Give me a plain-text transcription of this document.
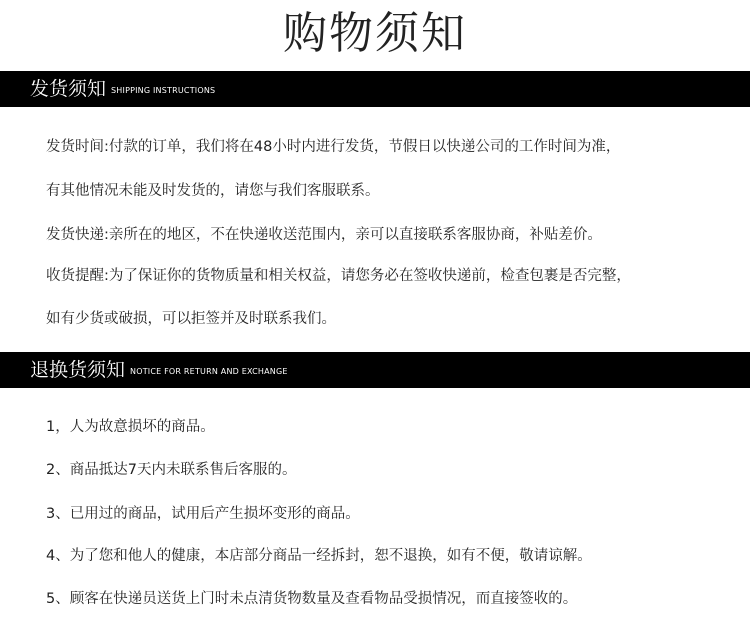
购物须知
发货须知 SHIPPING INSTRUCTIONS
发货时间:付款的订单，我们将在48小时内进行发货，节假日以快递公司的工作时间为准，
有其他情况未能及时发货的，请您与我们客服联系。
发货快递:亲所在的地区，不在快递收送范围内，亲可以直接联系客服协商，补贴差价。
收货提醒:为了保证你的货物质量和相关权益，请您务必在签收快递前，检查包裹是否完整，
如有少货或破损，可以拒签并及时联系我们。
退换货须知 NOTICE FOR RETURN AND EXCHANGE
1，人为故意损坏的商品。
2、商品抵达7天内未联系售后客服的。
3、已用过的商品，试用后产生损坏变形的商品。
4、为了您和他人的健康，本店部分商品一经拆封，恕不退换，如有不便，敬请谅解。
5、顾客在快递员送货上门时未点清货物数量及查看物品受损情况，而直接签收的。
